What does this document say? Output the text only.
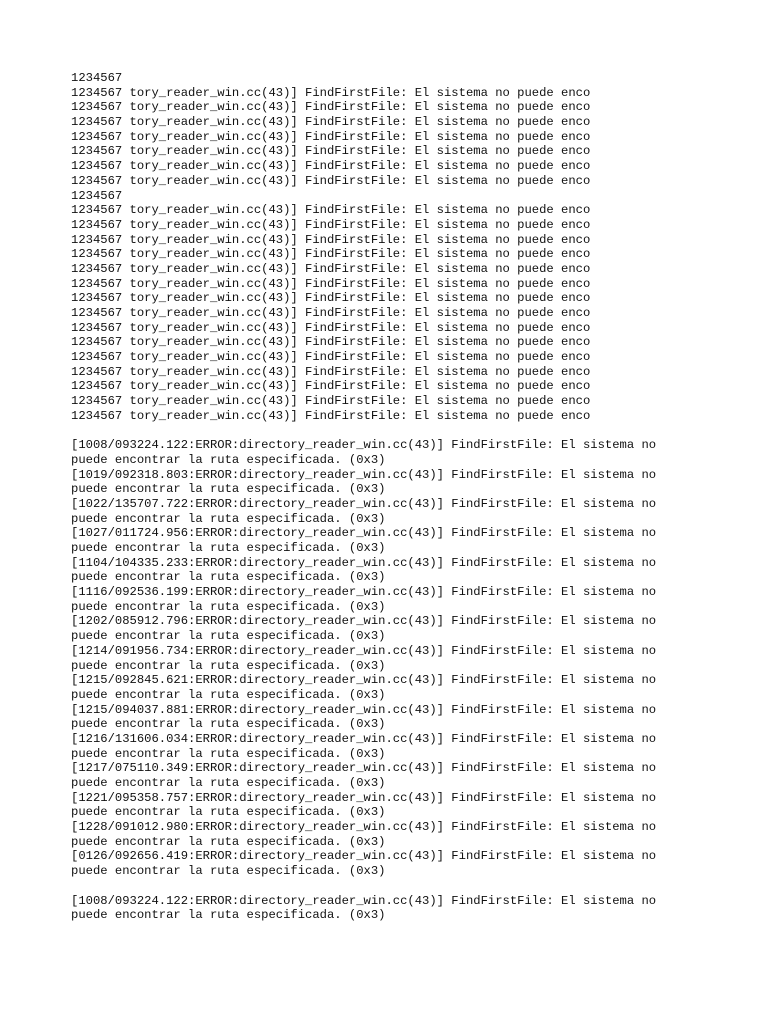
1234567
1234567 tory_reader_win.cc(43)] FindFirstFile: El sistema no puede enco
1234567 tory_reader_win.cc(43)] FindFirstFile: El sistema no puede enco
1234567 tory_reader_win.cc(43)] FindFirstFile: El sistema no puede enco
1234567 tory_reader_win.cc(43)] FindFirstFile: El sistema no puede enco
1234567 tory_reader_win.cc(43)] FindFirstFile: El sistema no puede enco
1234567 tory_reader_win.cc(43)] FindFirstFile: El sistema no puede enco
1234567 tory_reader_win.cc(43)] FindFirstFile: El sistema no puede enco
1234567
1234567 tory_reader_win.cc(43)] FindFirstFile: El sistema no puede enco
1234567 tory_reader_win.cc(43)] FindFirstFile: El sistema no puede enco
1234567 tory_reader_win.cc(43)] FindFirstFile: El sistema no puede enco
1234567 tory_reader_win.cc(43)] FindFirstFile: El sistema no puede enco
1234567 tory_reader_win.cc(43)] FindFirstFile: El sistema no puede enco
1234567 tory_reader_win.cc(43)] FindFirstFile: El sistema no puede enco
1234567 tory_reader_win.cc(43)] FindFirstFile: El sistema no puede enco
1234567 tory_reader_win.cc(43)] FindFirstFile: El sistema no puede enco
1234567 tory_reader_win.cc(43)] FindFirstFile: El sistema no puede enco
1234567 tory_reader_win.cc(43)] FindFirstFile: El sistema no puede enco
1234567 tory_reader_win.cc(43)] FindFirstFile: El sistema no puede enco
1234567 tory_reader_win.cc(43)] FindFirstFile: El sistema no puede enco
1234567 tory_reader_win.cc(43)] FindFirstFile: El sistema no puede enco
1234567 tory_reader_win.cc(43)] FindFirstFile: El sistema no puede enco
1234567 tory_reader_win.cc(43)] FindFirstFile: El sistema no puede enco
[1008/093224.122:ERROR:directory_reader_win.cc(43)] FindFirstFile: El sistema no
puede encontrar la ruta especificada. (0x3)
[1019/092318.803:ERROR:directory_reader_win.cc(43)] FindFirstFile: El sistema no
puede encontrar la ruta especificada. (0x3)
[1022/135707.722:ERROR:directory_reader_win.cc(43)] FindFirstFile: El sistema no
puede encontrar la ruta especificada. (0x3)
[1027/011724.956:ERROR:directory_reader_win.cc(43)] FindFirstFile: El sistema no
puede encontrar la ruta especificada. (0x3)
[1104/104335.233:ERROR:directory_reader_win.cc(43)] FindFirstFile: El sistema no
puede encontrar la ruta especificada. (0x3)
[1116/092536.199:ERROR:directory_reader_win.cc(43)] FindFirstFile: El sistema no
puede encontrar la ruta especificada. (0x3)
[1202/085912.796:ERROR:directory_reader_win.cc(43)] FindFirstFile: El sistema no
puede encontrar la ruta especificada. (0x3)
[1214/091956.734:ERROR:directory_reader_win.cc(43)] FindFirstFile: El sistema no
puede encontrar la ruta especificada. (0x3)
[1215/092845.621:ERROR:directory_reader_win.cc(43)] FindFirstFile: El sistema no
puede encontrar la ruta especificada. (0x3)
[1215/094037.881:ERROR:directory_reader_win.cc(43)] FindFirstFile: El sistema no
puede encontrar la ruta especificada. (0x3)
[1216/131606.034:ERROR:directory_reader_win.cc(43)] FindFirstFile: El sistema no
puede encontrar la ruta especificada. (0x3)
[1217/075110.349:ERROR:directory_reader_win.cc(43)] FindFirstFile: El sistema no
puede encontrar la ruta especificada. (0x3)
[1221/095358.757:ERROR:directory_reader_win.cc(43)] FindFirstFile: El sistema no
puede encontrar la ruta especificada. (0x3)
[1228/091012.980:ERROR:directory_reader_win.cc(43)] FindFirstFile: El sistema no
puede encontrar la ruta especificada. (0x3)
[0126/092656.419:ERROR:directory_reader_win.cc(43)] FindFirstFile: El sistema no
puede encontrar la ruta especificada. (0x3)
[1008/093224.122:ERROR:directory_reader_win.cc(43)] FindFirstFile: El sistema no
puede encontrar la ruta especificada. (0x3)
